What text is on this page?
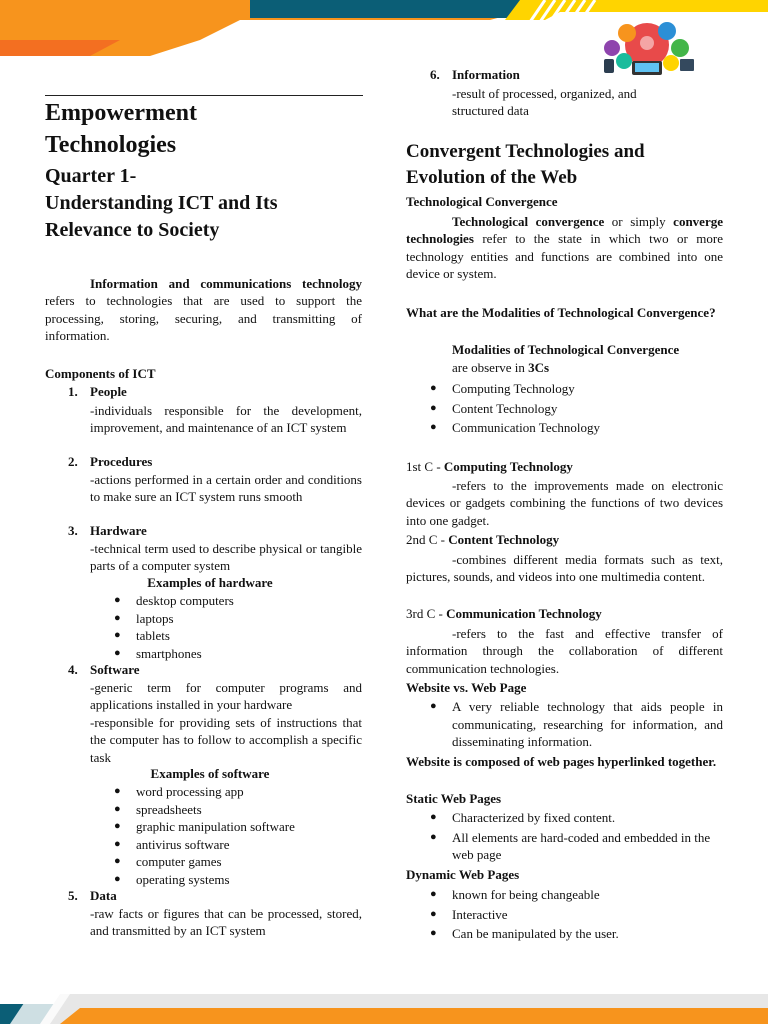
Empowerment
Technologies
Quarter 1-
Understanding ICT and Its
Relevance to Society
Information and communications technology refers to technologies that are used to support the processing, storing, securing, and transmitting of information.
Components of ICT
1. People
-individuals responsible for the development, improvement, and maintenance of an ICT system
2. Procedures
-actions performed in a certain order and conditions to make sure an ICT system runs smooth
3. Hardware
-technical term used to describe physical or tangible parts of a computer system
Examples of hardware
● desktop computers
● laptops
● tablets
● smartphones
4. Software
-generic term for computer programs and applications installed in your hardware
-responsible for providing sets of instructions that the computer has to follow to accomplish a specific task
Examples of software
● word processing app
● spreadsheets
● graphic manipulation software
● antivirus software
● computer games
● operating systems
5. Data
-raw facts or figures that can be processed, stored, and transmitted by an ICT system
6. Information
-result of processed, organized, and structured data
Convergent Technologies and
Evolution of the Web
Technological Convergence
Technological convergence or simply converge technologies refer to the state in which two or more technology entities and functions are combined into one device or system.
What are the Modalities of Technological Convergence?
Modalities of Technological Convergence
are observe in 3Cs
● Computing Technology
● Content Technology
● Communication Technology
1st C - Computing Technology
-refers to the improvements made on electronic devices or gadgets combining the functions of two devices into one gadget.
2nd C - Content Technology
-combines different media formats such as text, pictures, sounds, and videos into one multimedia content.
3rd C - Communication Technology
-refers to the fast and effective transfer of information through the collaboration of different communication technologies.
Website vs. Web Page
● A very reliable technology that aids people in communicating, researching for information, and disseminating information.
Website is composed of web pages hyperlinked together.
Static Web Pages
● Characterized by fixed content.
● All elements are hard-coded and embedded in the web page
Dynamic Web Pages
● known for being changeable
● Interactive
● Can be manipulated by the user.
